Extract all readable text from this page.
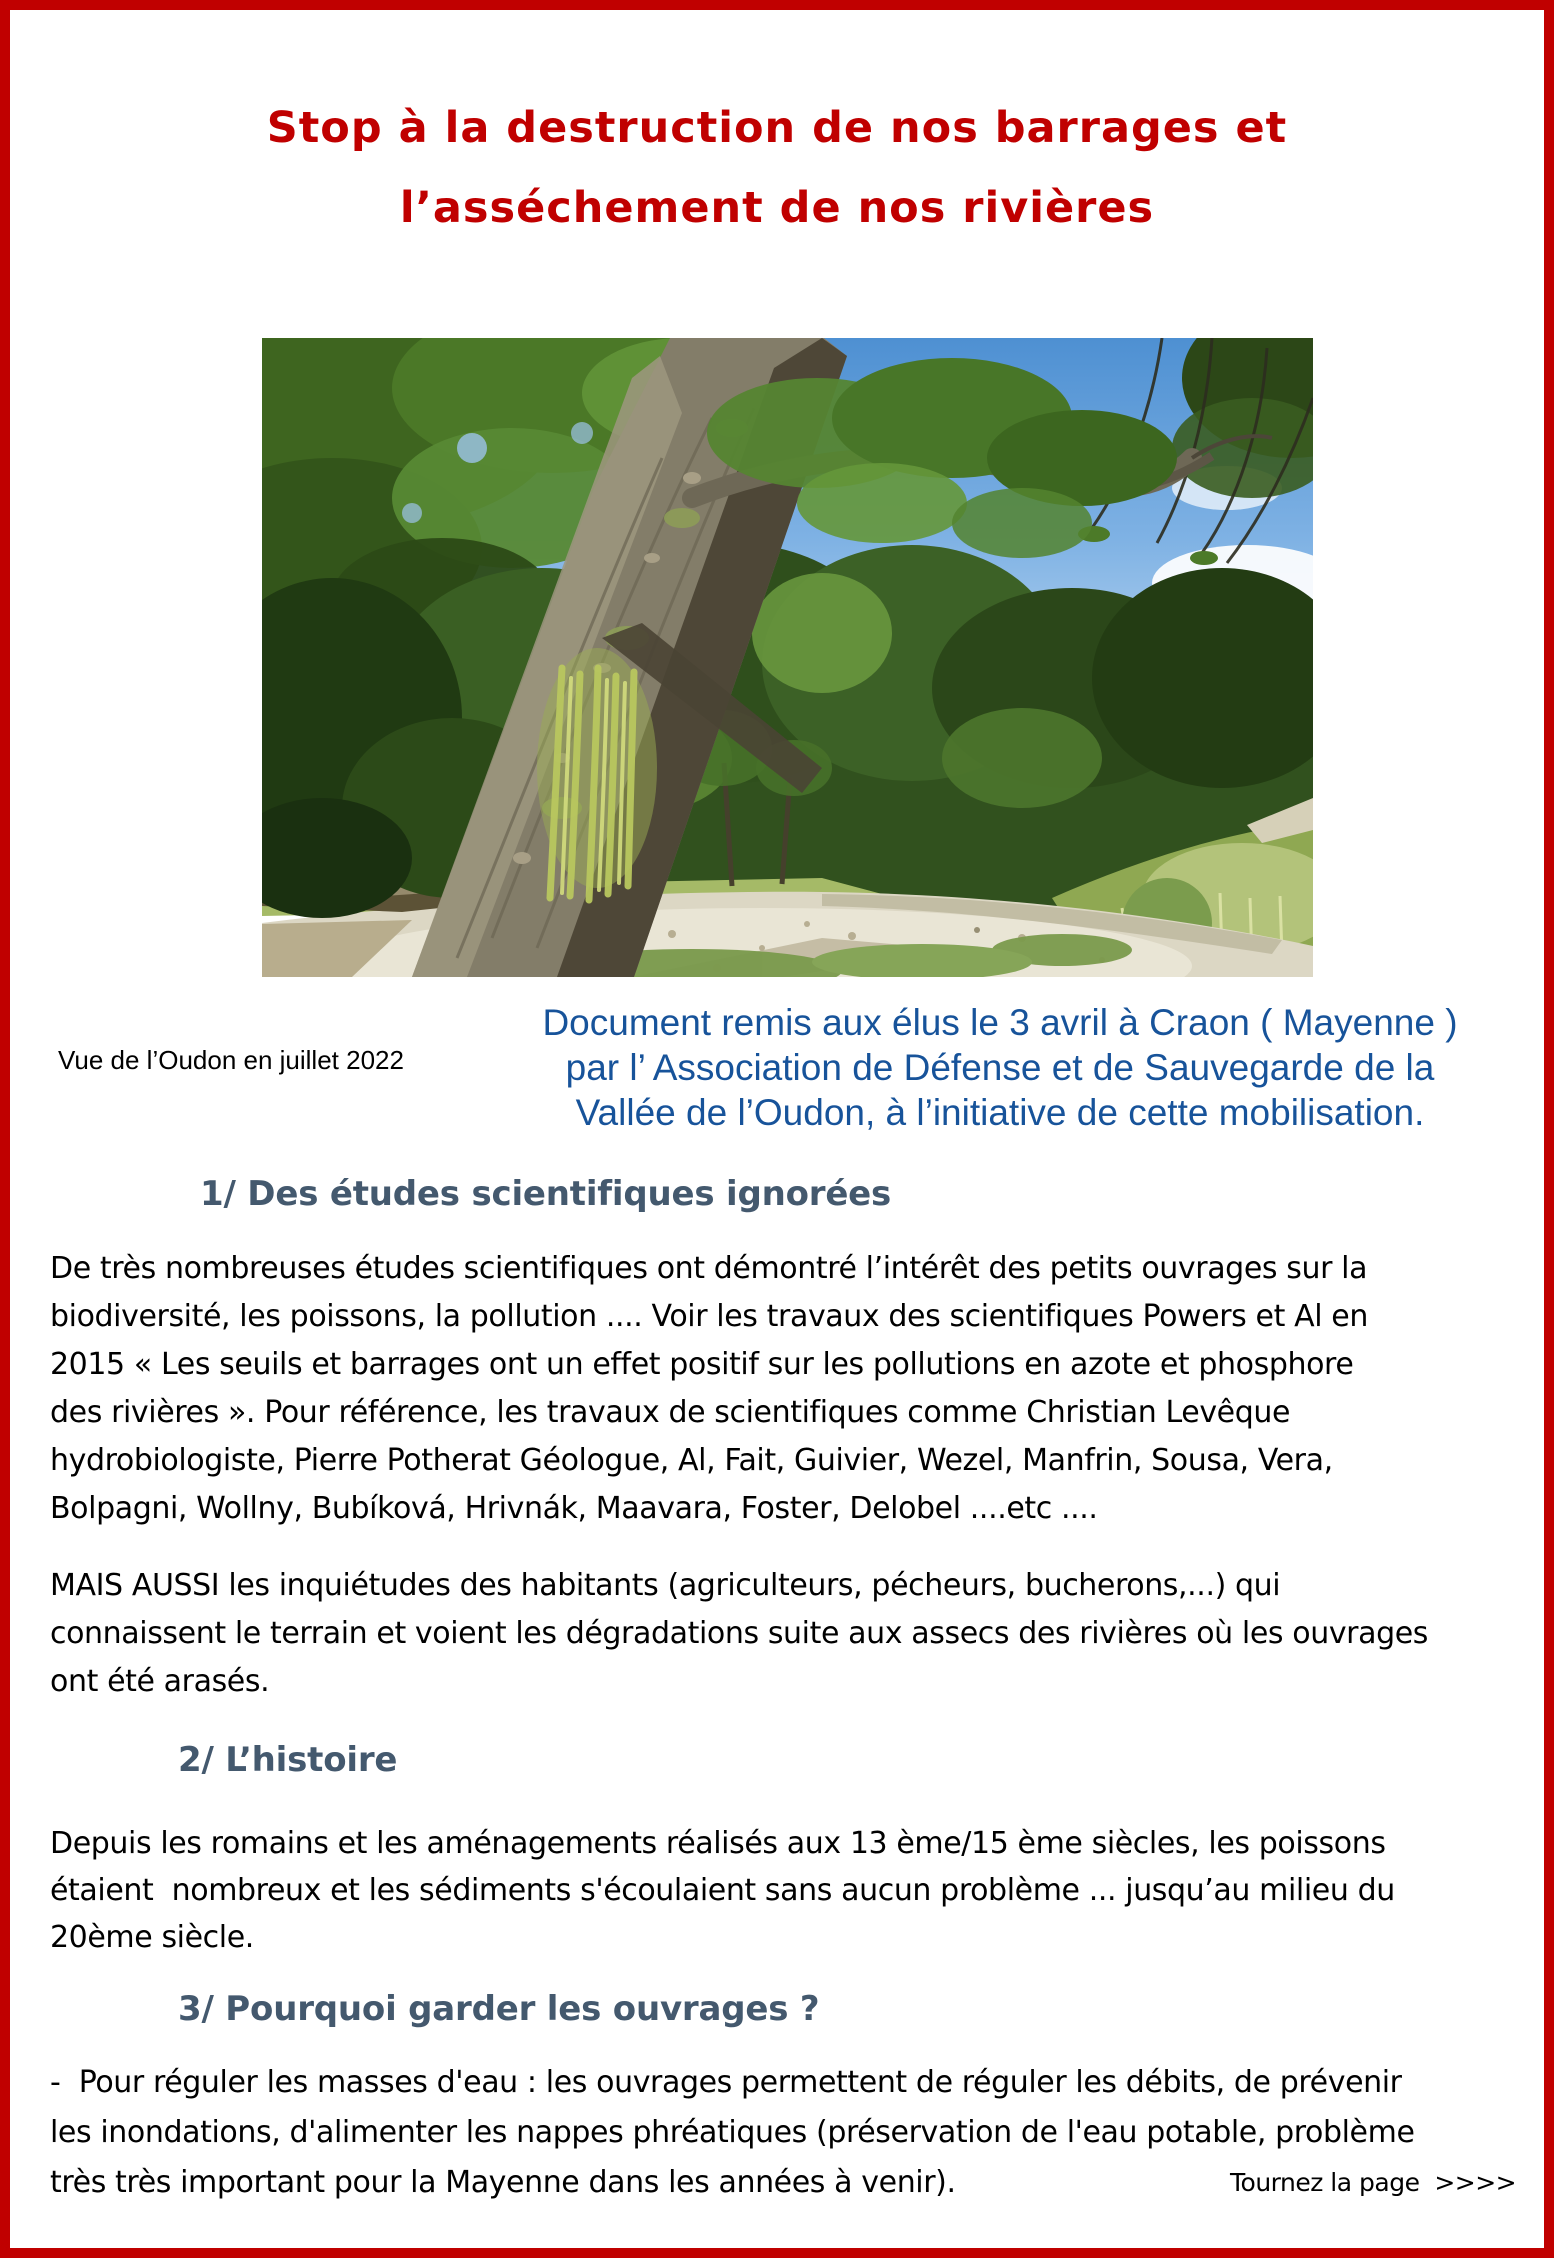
Stop à la destruction de nos barrages et
l’asséchement de nos rivières
Vue de l’Oudon en juillet 2022
Document remis aux élus le 3 avril à Craon ( Mayenne )
par l’ Association de Défense et de Sauvegarde de la
Vallée de l’Oudon, à l’initiative de cette mobilisation.
1/ Des études scientifiques ignorées
De très nombreuses études scientifiques ont démontré l’intérêt des petits ouvrages sur la
biodiversité, les poissons, la pollution .... Voir les travaux des scientifiques Powers et Al en
2015 « Les seuils et barrages ont un effet positif sur les pollutions en azote et phosphore
des rivières ». Pour référence, les travaux de scientifiques comme Christian Levêque
hydrobiologiste, Pierre Potherat Géologue, Al, Fait, Guivier, Wezel, Manfrin, Sousa, Vera,
Bolpagni, Wollny, Bubíková, Hrivnák, Maavara, Foster, Delobel ....etc ....
MAIS AUSSI les inquiétudes des habitants (agriculteurs, pécheurs, bucherons,...) qui
connaissent le terrain et voient les dégradations suite aux assecs des rivières où les ouvrages
ont été arasés.
2/ L’histoire
Depuis les romains et les aménagements réalisés aux 13 ème/15 ème siècles, les poissons
étaient  nombreux et les sédiments s'écoulaient sans aucun problème ... jusqu’au milieu du
20ème siècle.
3/ Pourquoi garder les ouvrages ?
-  Pour réguler les masses d'eau : les ouvrages permettent de réguler les débits, de prévenir
les inondations, d'alimenter les nappes phréatiques (préservation de l'eau potable, problème
très très important pour la Mayenne dans les années à venir).	Tournez la page  >>>>
